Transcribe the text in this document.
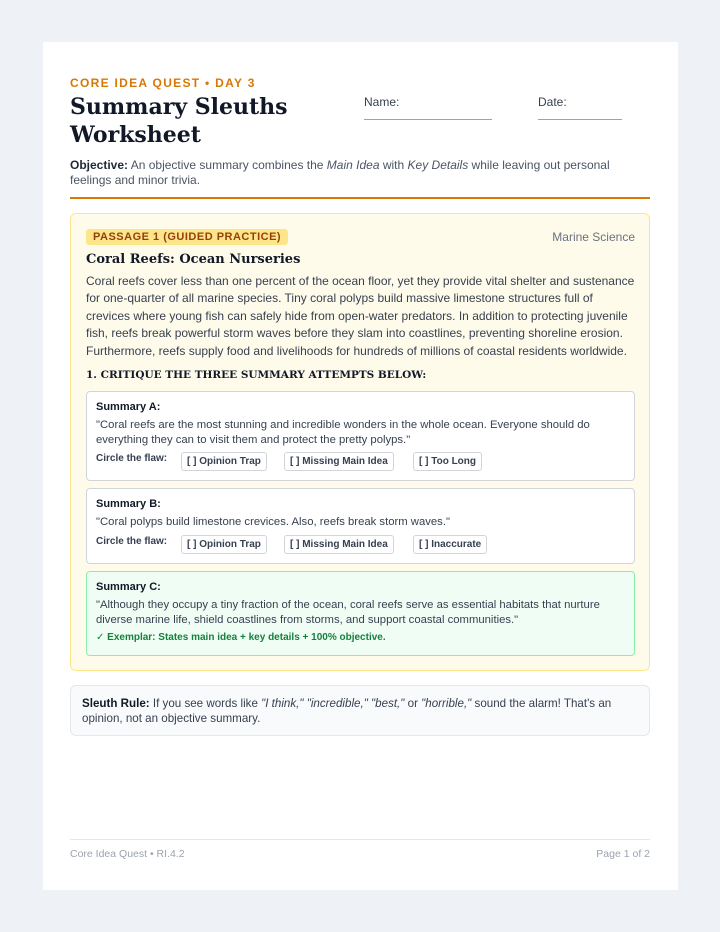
CORE IDEA QUEST • DAY 3
Summary Sleuths Worksheet
Name:	Date:

Objective: An objective summary combines the Main Idea with Key Details while leaving out personal feelings and minor trivia.

PASSAGE 1 (GUIDED PRACTICE)	Marine Science
Coral Reefs: Ocean Nurseries

Coral reefs cover less than one percent of the ocean floor, yet they provide vital shelter and sustenance for one-quarter of all marine species. Tiny coral polyps build massive limestone structures full of crevices where young fish can safely hide from open-water predators. In addition to protecting juvenile fish, reefs break powerful storm waves before they slam into coastlines, preventing shoreline erosion. Furthermore, reefs supply food and livelihoods for hundreds of millions of coastal residents worldwide.

1. CRITIQUE THE THREE SUMMARY ATTEMPTS BELOW:
Summary A:
"Coral reefs are the most stunning and incredible wonders in the whole ocean. Everyone should do everything they can to visit them and protect the pretty polyps."
Circle the flaw:	[ ] Opinion Trap	[ ] Missing Main Idea	[ ] Too Long
Summary B:
"Coral polyps build limestone crevices. Also, reefs break storm waves."
Circle the flaw:	[ ] Opinion Trap	[ ] Missing Main Idea	[ ] Inaccurate
Summary C:
"Although they occupy a tiny fraction of the ocean, coral reefs serve as essential habitats that nurture diverse marine life, shield coastlines from storms, and support coastal communities."
✓ Exemplar: States main idea + key details + 100% objective.

Sleuth Rule: If you see words like "I think," "incredible," "best," or "horrible," sound the alarm! That's an opinion, not an objective summary.

Core Idea Quest • RI.4.2	Page 1 of 2
